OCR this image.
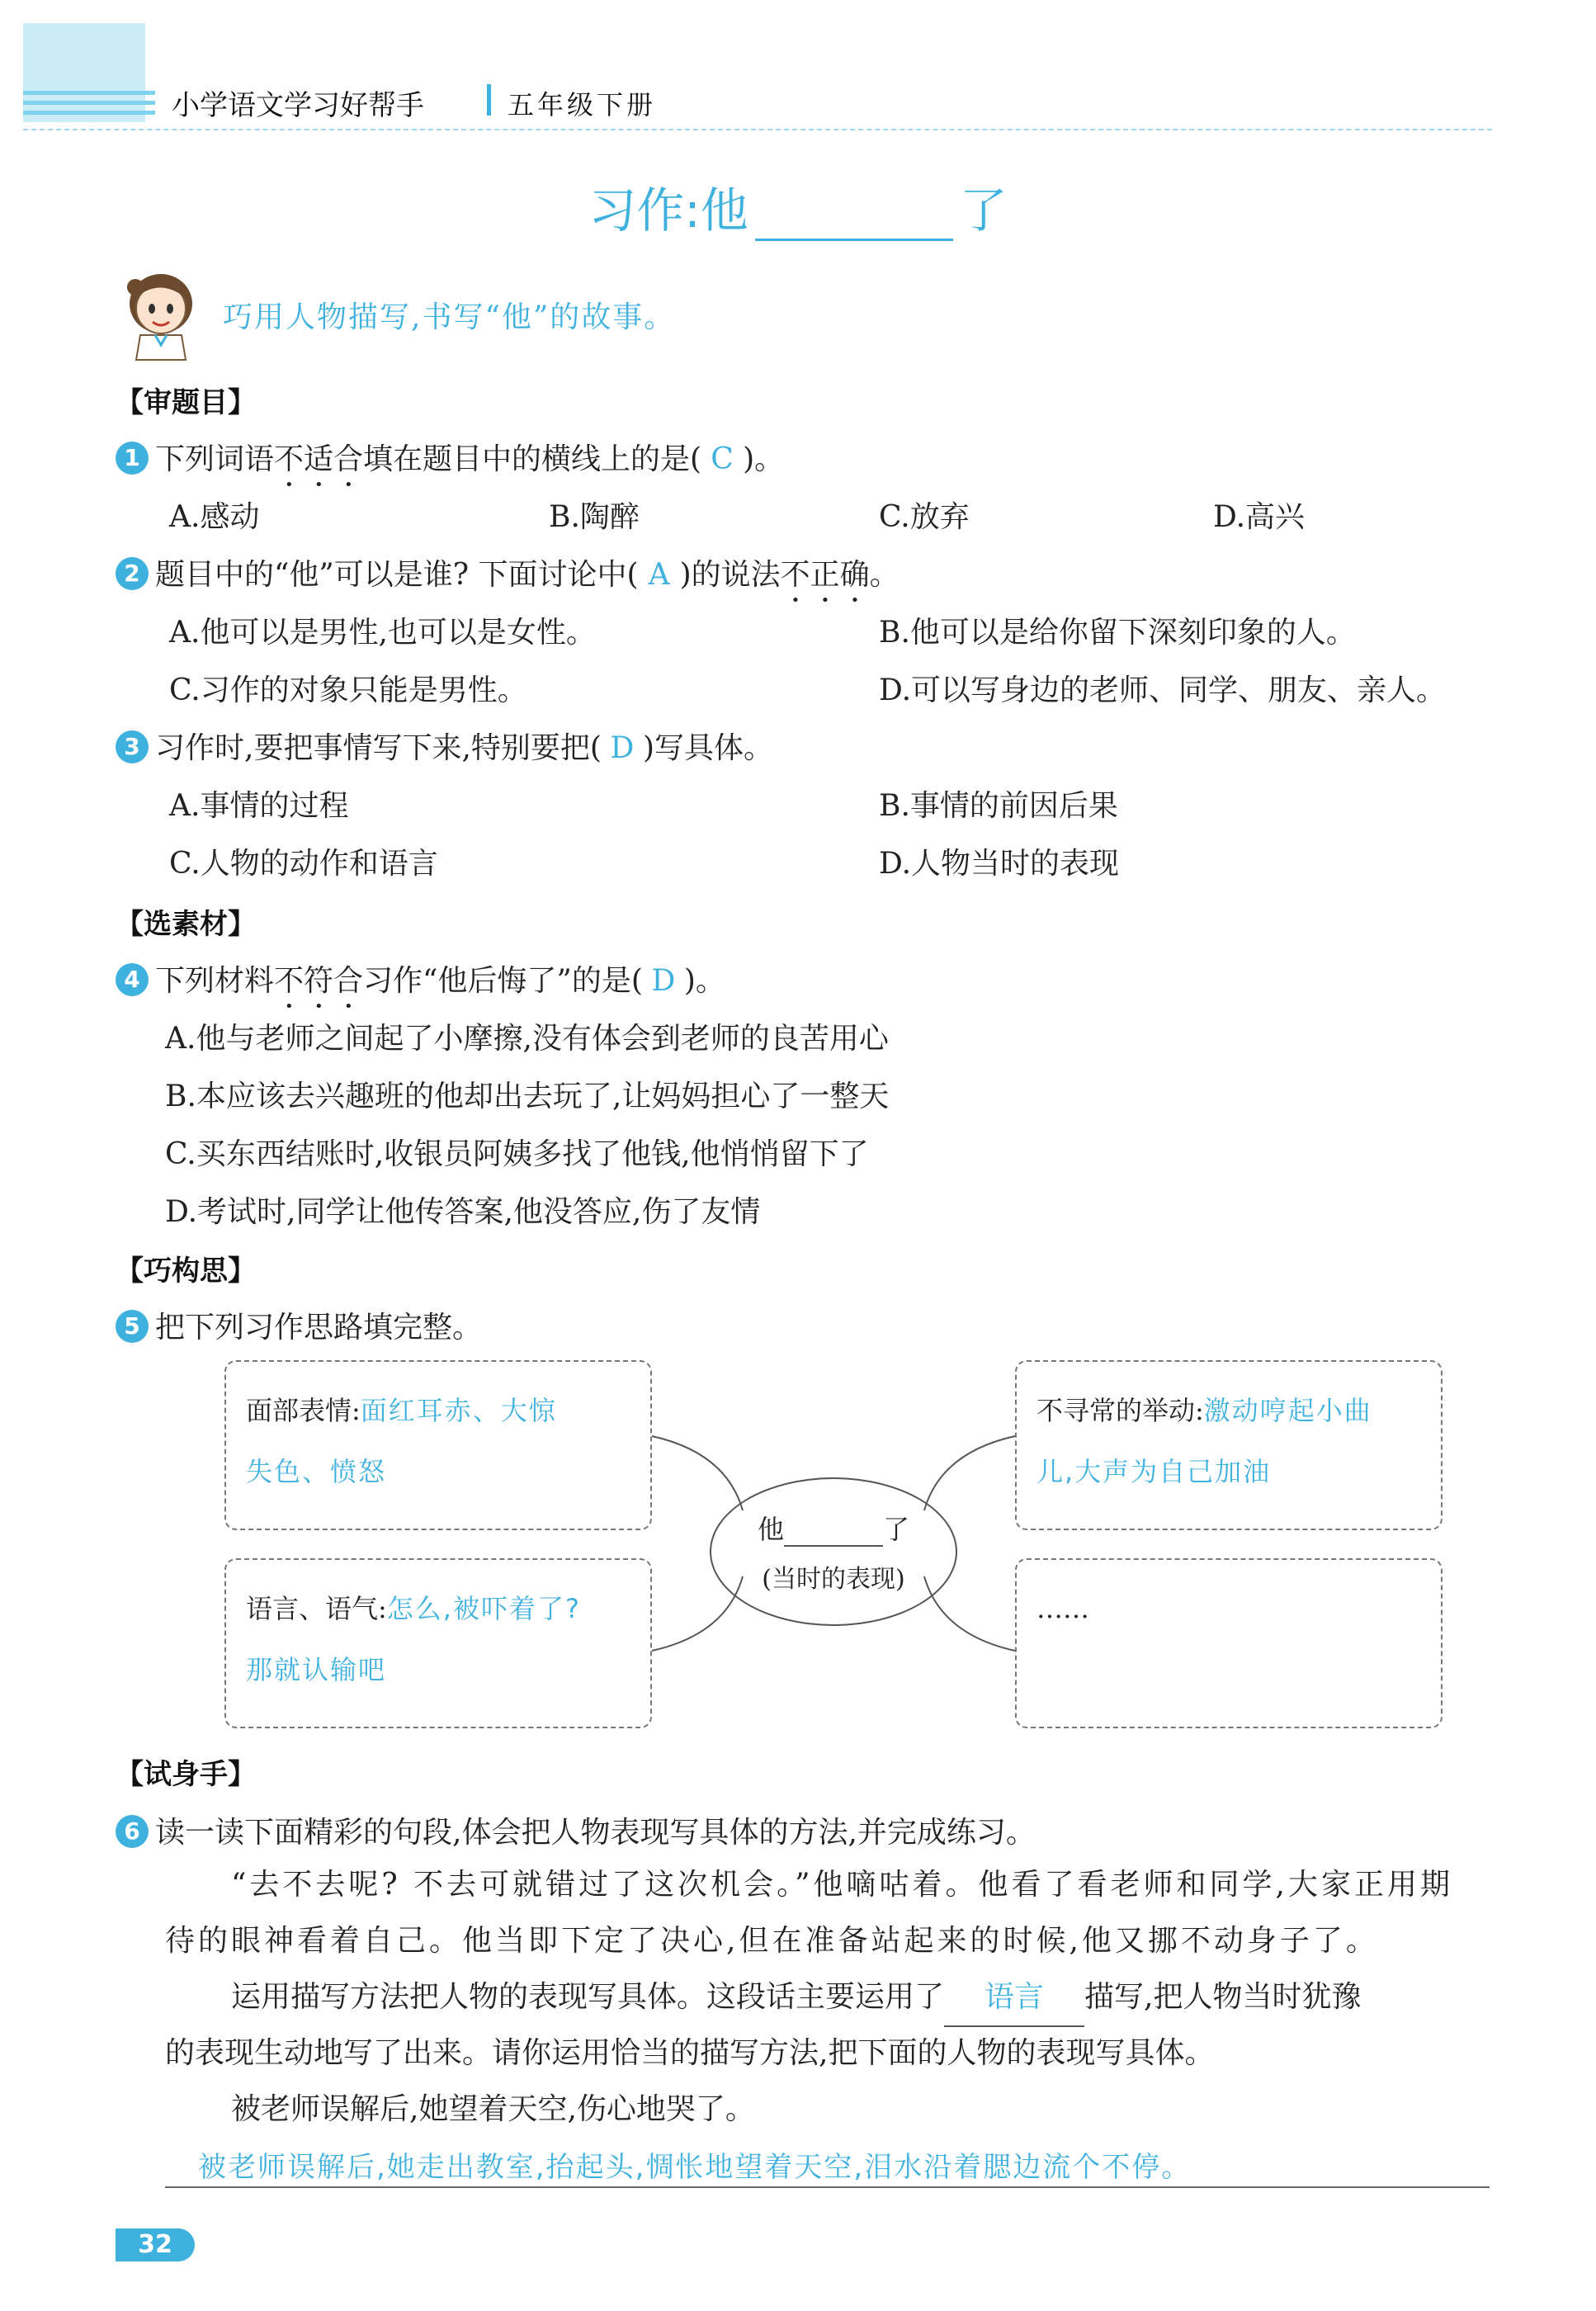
小学语文学习好帮手	五年级下册
习作:他	了
巧用人物描写,书写“他”的故事。
【审题目】
1 下列词语不适合填在题目中的横线上的是( C )。
A.感动	B.陶醉	C.放弃	D.高兴
2 题目中的“他”可以是谁? 下面讨论中( A )的说法不正确。
A.他可以是男性,也可以是女性。	B.他可以是给你留下深刻印象的人。
C.习作的对象只能是男性。	D.可以写身边的老师、同学、朋友、亲人。
3 习作时,要把事情写下来,特别要把( D )写具体。
A.事情的过程	B.事情的前因后果
C.人物的动作和语言	D.人物当时的表现
【选素材】
4 下列材料不符合习作“他后悔了”的是( D )。
A.他与老师之间起了小摩擦,没有体会到老师的良苦用心
B.本应该去兴趣班的他却出去玩了,让妈妈担心了一整天
C.买东西结账时,收银员阿姨多找了他钱,他悄悄留下了
D.考试时,同学让他传答案,他没答应,伤了友情
【巧构思】
5 把下列习作思路填完整。
面部表情:面红耳赤、大惊
失色、愤怒
语言、语气:怎么,被吓着了?
那就认输吧
不寻常的举动:激动哼起小曲
儿,大声为自己加油
……
他	了
(当时的表现)
【试身手】
6 读一读下面精彩的句段,体会把人物表现写具体的方法,并完成练习。
“去不去呢? 不去可就错过了这次机会。”他嘀咕着。他看了看老师和同学,大家正用期
待的眼神看着自己。他当即下定了决心,但在准备站起来的时候,他又挪不动身子了。
运用描写方法把人物的表现写具体。这段话主要运用了 语言 描写,把人物当时犹豫
的表现生动地写了出来。请你运用恰当的描写方法,把下面的人物的表现写具体。
被老师误解后,她望着天空,伤心地哭了。
被老师误解后,她走出教室,抬起头,惆怅地望着天空,泪水沿着腮边流个不停。
32
